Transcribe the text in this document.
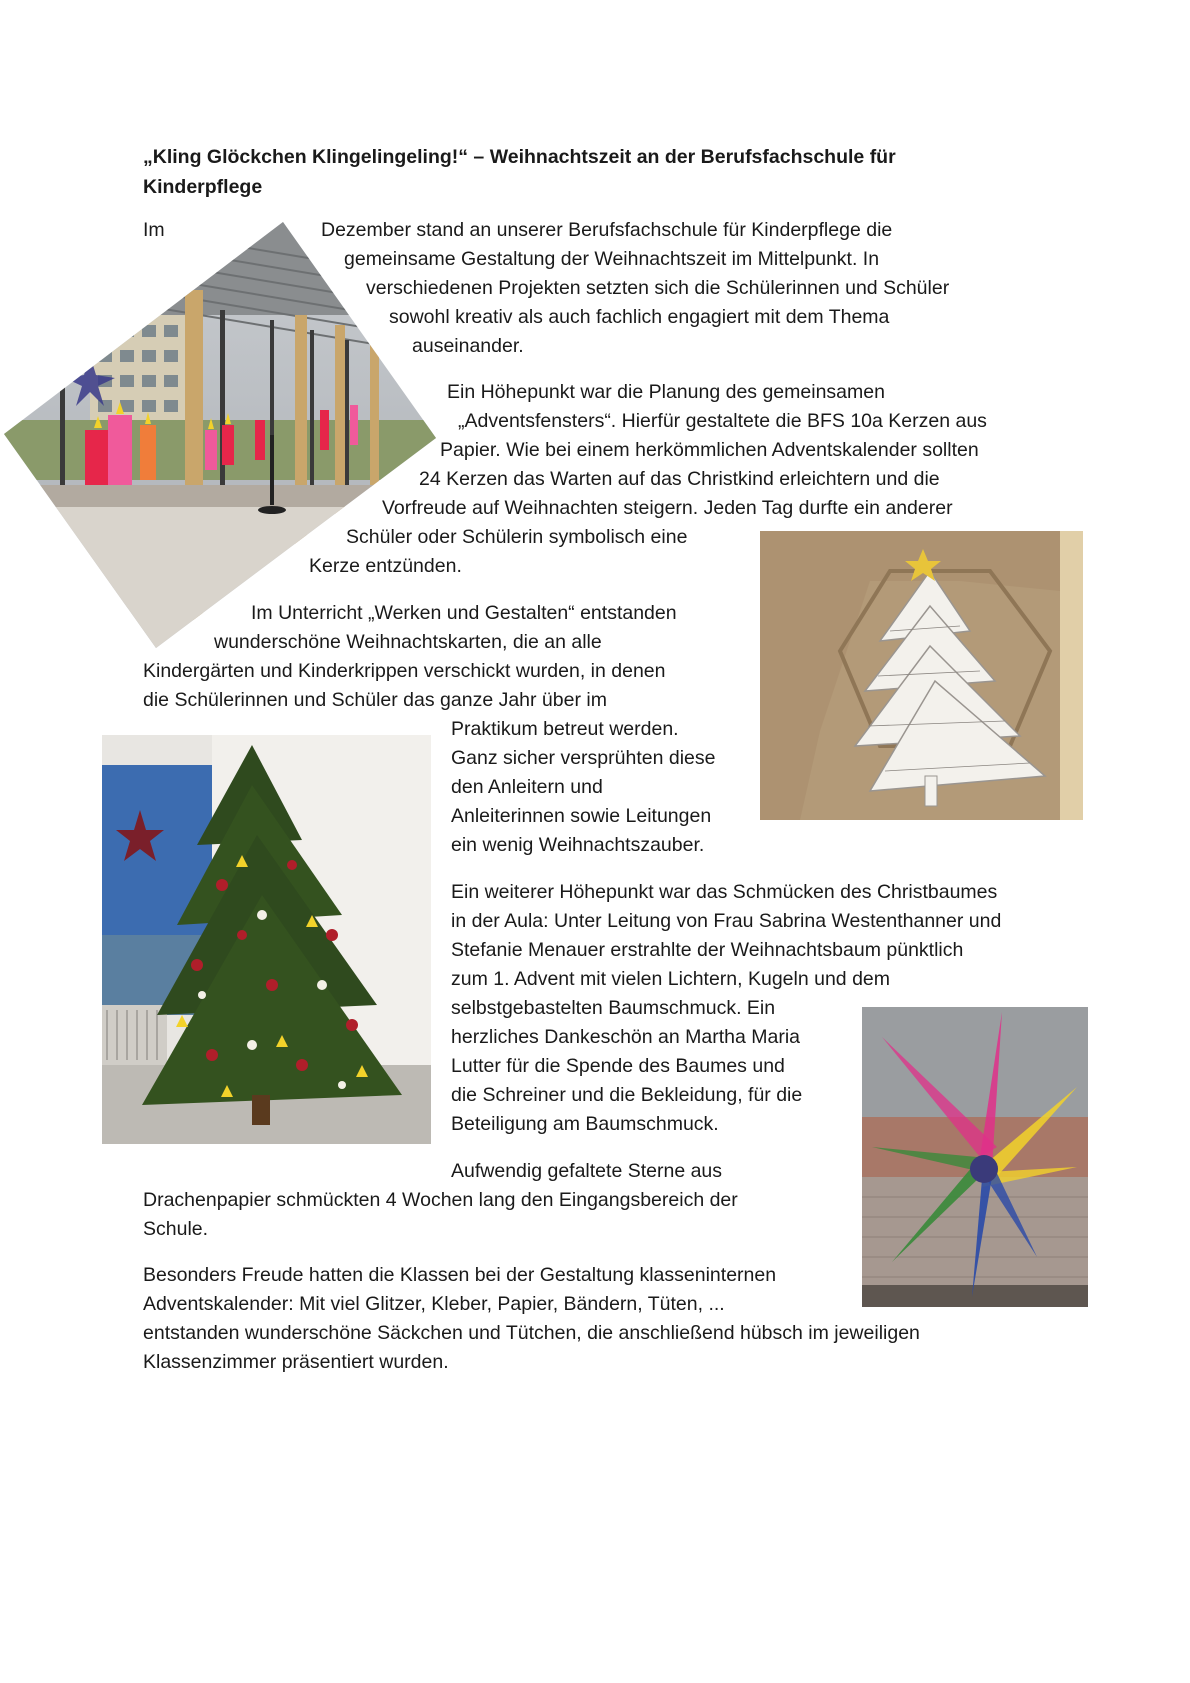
„Kling Glöckchen Klingelingeling!“ – Weihnachtszeit an der Berufsfachschule für
Kinderpflege
Im	Dezember stand an unserer Berufsfachschule für Kinderpflege die
gemeinsame Gestaltung der Weihnachtszeit im Mittelpunkt. In
verschiedenen Projekten setzten sich die Schülerinnen und Schüler
sowohl kreativ als auch fachlich engagiert mit dem Thema
auseinander.
Ein Höhepunkt war die Planung des gemeinsamen
„Adventsfensters“. Hierfür gestaltete die BFS 10a Kerzen aus
Papier. Wie bei einem herkömmlichen Adventskalender sollten
24 Kerzen das Warten auf das Christkind erleichtern und die
Vorfreude auf Weihnachten steigern. Jeden Tag durfte ein anderer
Schüler oder Schülerin symbolisch eine
Kerze entzünden.
Im Unterricht „Werken und Gestalten“ entstanden
wunderschöne Weihnachtskarten, die an alle
Kindergärten und Kinderkrippen verschickt wurden, in denen
die Schülerinnen und Schüler das ganze Jahr über im
Praktikum betreut werden.
Ganz sicher versprühten diese
den Anleitern und
Anleiterinnen sowie Leitungen
ein wenig Weihnachtszauber.
Ein weiterer Höhepunkt war das Schmücken des Christbaumes
in der Aula: Unter Leitung von Frau Sabrina Westenthanner und
Stefanie Menauer erstrahlte der Weihnachtsbaum pünktlich
zum 1. Advent mit vielen Lichtern, Kugeln und dem
selbstgebastelten Baumschmuck. Ein
herzliches Dankeschön an Martha Maria
Lutter für die Spende des Baumes und
die Schreiner und die Bekleidung, für die
Beteiligung am Baumschmuck.
Aufwendig gefaltete Sterne aus
Drachenpapier schmückten 4 Wochen lang den Eingangsbereich der
Schule.
Besonders Freude hatten die Klassen bei der Gestaltung klasseninternen
Adventskalender: Mit viel Glitzer, Kleber, Papier, Bändern, Tüten, ...
entstanden wunderschöne Säckchen und Tütchen, die anschließend hübsch im jeweiligen
Klassenzimmer präsentiert wurden.
